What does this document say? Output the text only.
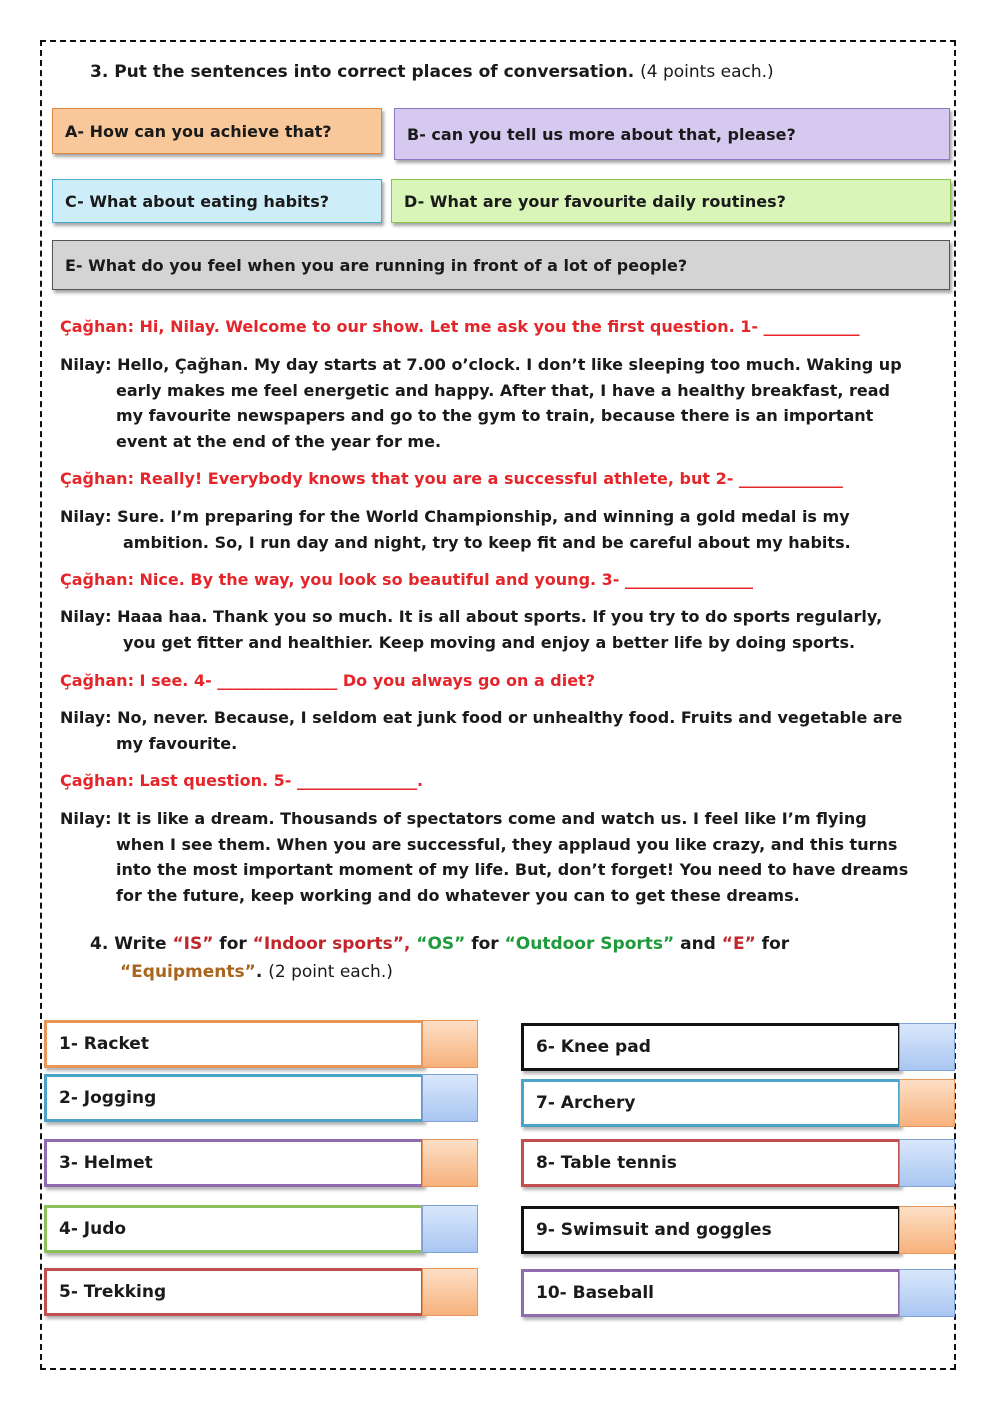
3. Put the sentences into correct places of conversation. (4 points each.)
A- How can you achieve that?	B- can you tell us more about that, please?
C- What about eating habits?	D- What are your favourite daily routines?
E- What do you feel when you are running in front of a lot of people?
Çağhan: Hi, Nilay. Welcome to our show. Let me ask you the first question. 1- ____________
Nilay: Hello, Çağhan. My day starts at 7.00 o’clock. I don’t like sleeping too much. Waking up
early makes me feel energetic and happy. After that, I have a healthy breakfast, read
my favourite newspapers and go to the gym to train, because there is an important
event at the end of the year for me.
Çağhan: Really! Everybody knows that you are a successful athlete, but 2- _____________
Nilay: Sure. I’m preparing for the World Championship, and winning a gold medal is my
ambition. So, I run day and night, try to keep fit and be careful about my habits.
Çağhan: Nice. By the way, you look so beautiful and young. 3- ________________
Nilay: Haaa haa. Thank you so much. It is all about sports. If you try to do sports regularly,
you get fitter and healthier. Keep moving and enjoy a better life by doing sports.
Çağhan: I see. 4- _______________ Do you always go on a diet?
Nilay: No, never. Because, I seldom eat junk food or unhealthy food. Fruits and vegetable are
my favourite.
Çağhan: Last question. 5- _______________.
Nilay: It is like a dream. Thousands of spectators come and watch us. I feel like I’m flying
when I see them. When you are successful, they applaud you like crazy, and this turns
into the most important moment of my life. But, don’t forget! You need to have dreams
for the future, keep working and do whatever you can to get these dreams.
4. Write “IS” for “Indoor sports”, “OS” for “Outdoor Sports” and “E” for
“Equipments”. (2 point each.)
1- Racket
2- Jogging
3- Helmet
4- Judo
5- Trekking
6- Knee pad
7- Archery
8- Table tennis
9- Swimsuit and goggles
10- Baseball
